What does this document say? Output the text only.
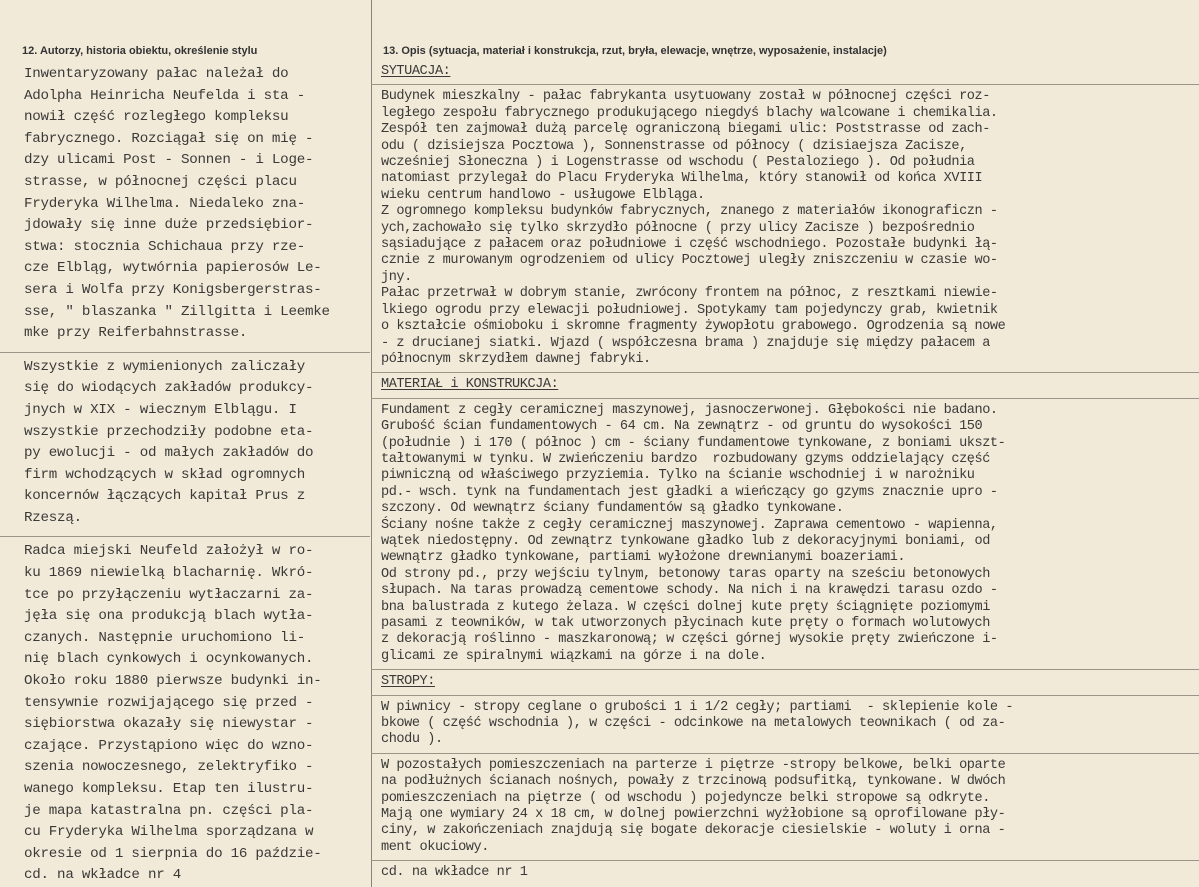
12. Autorzy, historia obiektu, określenie stylu

Inwentaryzowany pałac należał do

Adolpha Heinricha Neufelda i sta -

nowił część rozległego kompleksu

fabrycznego. Rozciągał się on mię -

dzy ulicami Post - Sonnen - i Loge-

strasse, w północnej części placu

Fryderyka Wilhelma. Niedaleko zna-

jdowały się inne duże przedsiębior-

stwa: stocznia Schichaua przy rze-

cze Elbląg, wytwórnia papierosów Le-

sera i Wolfa przy Konigsbergerstras-

sse, " blaszanka " Zillgitta i Leemke

mke przy Reiferbahnstrasse.

Wszystkie z wymienionych zaliczały

się do wiodących zakładów produkcy-

jnych w XIX - wiecznym Elblągu. I

wszystkie przechodziły podobne eta-

py ewolucji - od małych zakładów do

firm wchodzących w skład ogromnych

koncernów łączących kapitał Prus z

Rzeszą.

Radca miejski Neufeld założył w ro-

ku 1869 niewielką blacharnię. Wkró-

tce po przyłączeniu wytłaczarni za-

jęła się ona produkcją blach wytła-

czanych. Następnie uruchomiono li-

nię blach cynkowych i ocynkowanych.

Około roku 1880 pierwsze budynki in-

tensywnie rozwijającego się przed -

siębiorstwa okazały się niewystar -

czające. Przystąpiono więc do wzno-

szenia nowoczesnego, zelektryfiko -

wanego kompleksu. Etap ten ilustru-

je mapa katastralna pn. części pla-

cu Fryderyka Wilhelma sporządzana w

okresie od 1 sierpnia do 16 paździe-

cd. na wkładce nr 4

13. Opis (sytuacja, materiał i konstrukcja, rzut, bryła, elewacje, wnętrze, wyposażenie, instalacje)

SYTUACJA:

Budynek mieszkalny - pałac fabrykanta usytuowany został w północnej części roz-

ległego zespołu fabrycznego produkującego niegdyś blachy walcowane i chemikalia.

Zespół ten zajmował dużą parcelę ograniczoną biegami ulic: Poststrasse od zach-

odu ( dzisiejsza Pocztowa ), Sonnenstrasse od północy ( dzisiaejsza Zacisze,

wcześniej Słoneczna ) i Logenstrasse od wschodu ( Pestaloziego ). Od południa

natomiast przylegał do Placu Fryderyka Wilhelma, który stanowił od końca XVIII

wieku centrum handlowo - usługowe Elbląga.

Z ogromnego kompleksu budynków fabrycznych, znanego z materiałów ikonograficzn -

ych,zachowało się tylko skrzydło północne ( przy ulicy Zacisze ) bezpośrednio

sąsiadujące z pałacem oraz południowe i część wschodniego. Pozostałe budynki łą-

cznie z murowanym ogrodzeniem od ulicy Pocztowej uległy zniszczeniu w czasie wo-

jny.

Pałac przetrwał w dobrym stanie, zwrócony frontem na północ, z resztkami niewie-

lkiego ogrodu przy elewacji południowej. Spotykamy tam pojedynczy grab, kwietnik

o kształcie ośmioboku i skromne fragmenty żywopłotu grabowego. Ogrodzenia są nowe

- z drucianej siatki. Wjazd ( współczesna brama ) znajduje się między pałacem a

północnym skrzydłem dawnej fabryki.

MATERIAŁ i KONSTRUKCJA:

Fundament z cegły ceramicznej maszynowej, jasnoczerwonej. Głębokości nie badano.

Grubość ścian fundamentowych - 64 cm. Na zewnątrz - od gruntu do wysokości 150

(południe ) i 170 ( północ ) cm - ściany fundamentowe tynkowane, z boniami ukszt-

tałtowanymi w tynku. W zwieńczeniu bardzo  rozbudowany gzyms oddzielający część

piwniczną od właściwego przyziemia. Tylko na ścianie wschodniej i w narożniku

pd.- wsch. tynk na fundamentach jest gładki a wieńczący go gzyms znacznie upro -

szczony. Od wewnątrz ściany fundamentów są gładko tynkowane.

Ściany nośne także z cegły ceramicznej maszynowej. Zaprawa cementowo - wapienna,

wątek niedostępny. Od zewnątrz tynkowane gładko lub z dekoracyjnymi boniami, od

wewnątrz gładko tynkowane, partiami wyłożone drewnianymi boazeriami.

Od strony pd., przy wejściu tylnym, betonowy taras oparty na sześciu betonowych

słupach. Na taras prowadzą cementowe schody. Na nich i na krawędzi tarasu ozdo -

bna balustrada z kutego żelaza. W części dolnej kute pręty ściągnięte poziomymi

pasami z teowników, w tak utworzonych płycinach kute pręty o formach wolutowych

z dekoracją roślinno - maszkaronową; w części górnej wysokie pręty zwieńczone i-

glicami ze spiralnymi wiązkami na górze i na dole.

STROPY:

W piwnicy - stropy ceglane o grubości 1 i 1/2 cegły; partiami  - sklepienie kole -

bkowe ( część wschodnia ), w części - odcinkowe na metalowych teownikach ( od za-

chodu ).

W pozostałych pomieszczeniach na parterze i piętrze -stropy belkowe, belki oparte

na podłużnych ścianach nośnych, powały z trzcinową podsufitką, tynkowane. W dwóch

pomieszczeniach na piętrze ( od wschodu ) pojedyncze belki stropowe są odkryte.

Mają one wymiary 24 x 18 cm, w dolnej powierzchni wyżłobione są oprofilowane pły-

ciny, w zakończeniach znajdują się bogate dekoracje ciesielskie - woluty i orna -

ment okuciowy.

cd. na wkładce nr 1
